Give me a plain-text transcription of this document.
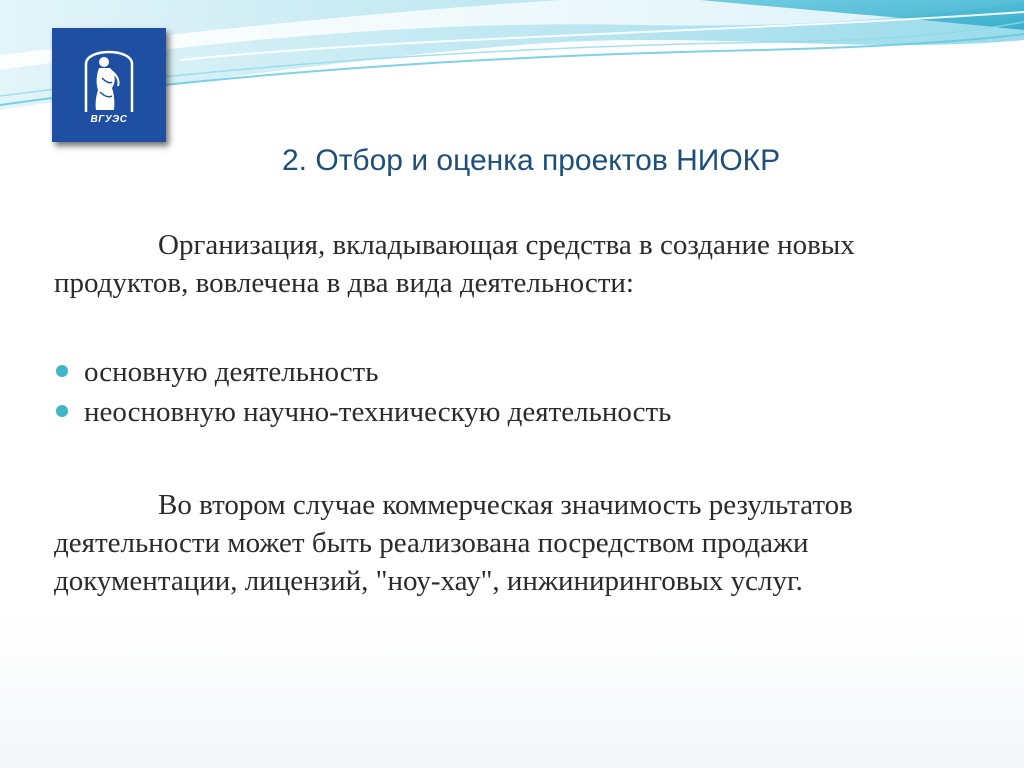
ВГУЭС
2. Отбор и оценка проектов НИОКР

Организация, вкладывающая средства в создание новых продуктов, вовлечена в два вида деятельности:

основную деятельность
неосновную научно-техническую деятельность

Во втором случае коммерческая значимость результатов деятельности может быть реализована посредством продажи документации, лицензий, "ноу-хау", инжиниринговых услуг.
